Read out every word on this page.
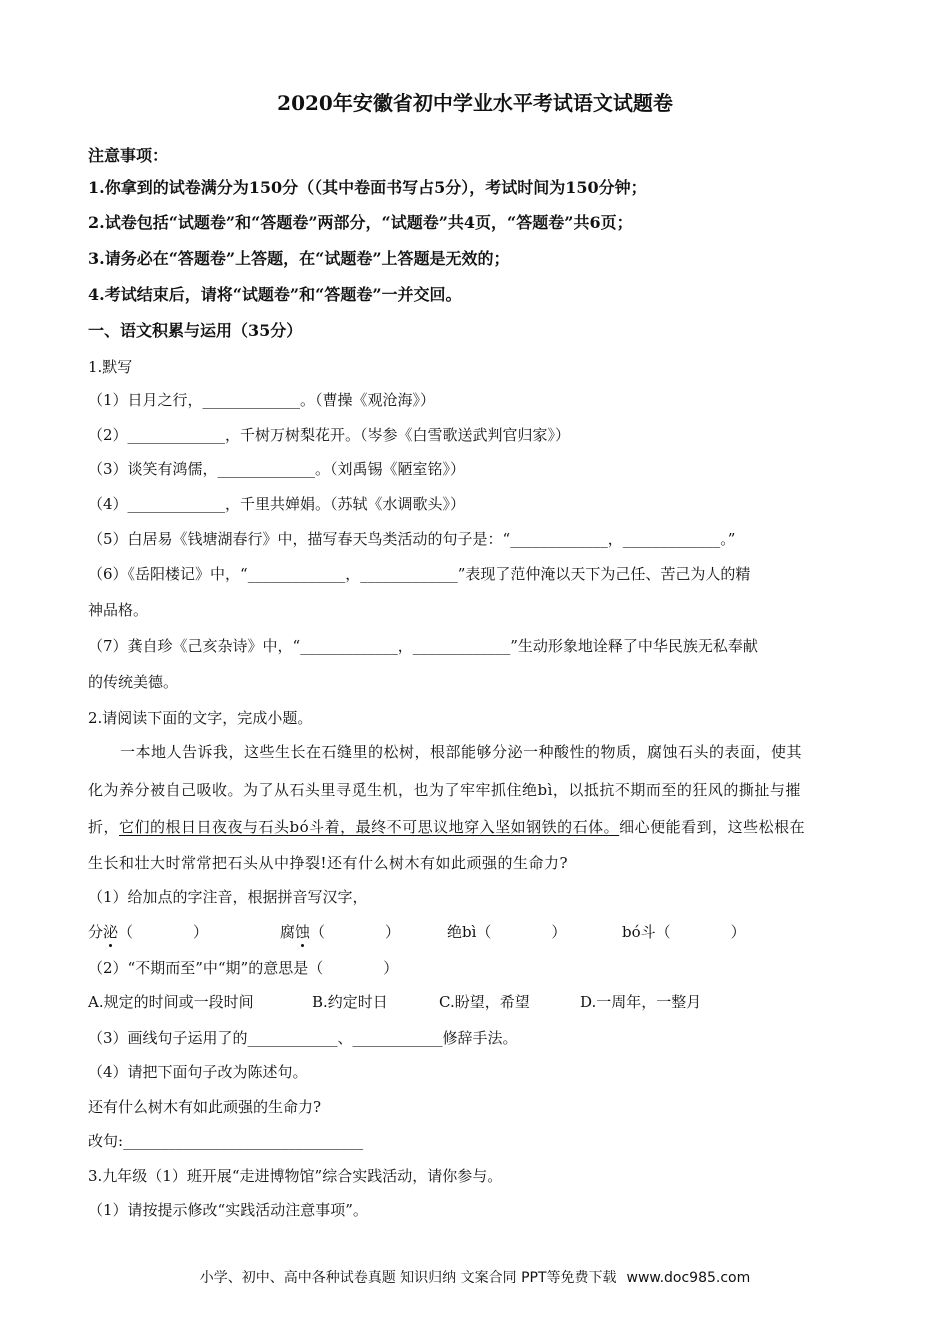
2020年安徽省初中学业水平考试语文试题卷
注意事项：
1.你拿到的试卷满分为150分（（其中卷面书写占5分），考试时间为150分钟；
2.试卷包括“试题卷”和“答题卷”两部分，“试题卷”共4页，“答题卷”共6页；
3.请务必在“答题卷”上答题，在“试题卷”上答题是无效的；
4.考试结束后，请将“试题卷”和“答题卷”一并交回。
一、语文积累与运用（35分）
1.默写
（1）日月之行，_____________。（曹操《观沧海》）
（2）_____________，千树万树梨花开。（岑参《白雪歌送武判官归家》）
（3）谈笑有鸿儒，_____________。（刘禹锡《陋室铭》）
（4）_____________，千里共婵娟。（苏轼《水调歌头》）
（5）白居易《钱塘湖春行》中，描写春天鸟类活动的句子是：“_____________，_____________。”
（6）《岳阳楼记》中，“_____________，_____________”表现了范仲淹以天下为己任、苦己为人的精
神品格。
（7）龚自珍《己亥杂诗》中，“_____________，_____________”生动形象地诠释了中华民族无私奉献
的传统美德。
2.请阅读下面的文字，完成小题。
一本地人告诉我，这些生长在石缝里的松树，根部能够分泌一种酸性的物质，腐蚀石头的表面，使其
化为养分被自己吸收。为了从石头里寻觅生机，也为了牢牢抓住绝bì，以抵抗不期而至的狂风的撕扯与摧
折，它们的根日日夜夜与石头bó斗着，最终不可思议地穿入坚如钢铁的石体。细心便能看到，这些松根在
生长和壮大时常常把石头从中挣裂!还有什么树木有如此顽强的生命力?
（1）给加点的字注音，根据拼音写汉字，
分泌（　　　　）	腐蚀（　　　　）	绝bì（　　　　）	bó斗（　　　　）
（2）“不期而至”中“期”的意思是（　　　　）
A.规定的时间或一段时间	B.约定时日	C.盼望，希望	D.一周年，一整月
（3）画线句子运用了的____________、____________修辞手法。
（4）请把下面句子改为陈述句。
还有什么树木有如此顽强的生命力?
改句:________________________________
3.九年级（1）班开展“走进博物馆”综合实践活动，请你参与。
（1）请按提示修改“实践活动注意事项”。
小学、初中、高中各种试卷真题 知识归纳 文案合同 PPT等免费下载 www.doc985.com
